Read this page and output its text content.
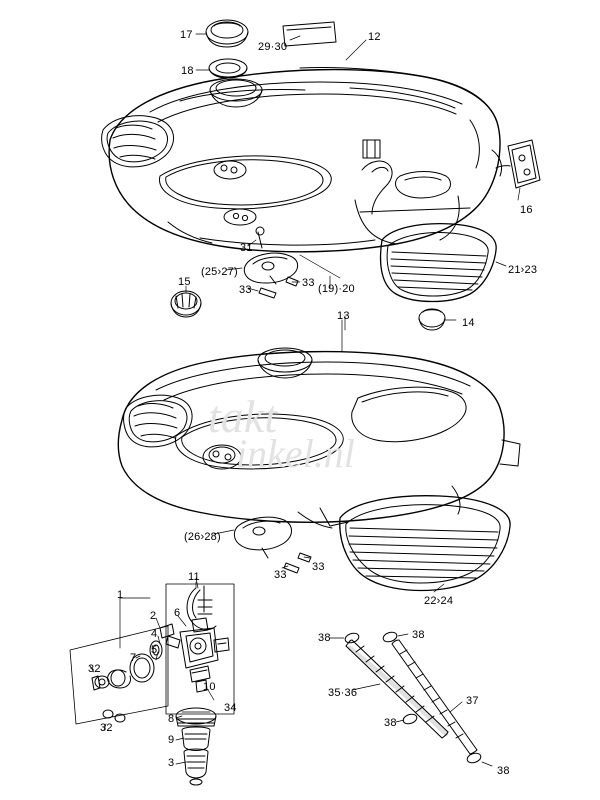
17
29·30
12
18
16
21›23
31
(25›27)
33
33 (19)·20
15
13
14
(26›28)
33
33
22›24
11
1
2 6
4
5
7
32
10
34
8
32
9
3
38	38
35·36
37
38
38
takt
inkel.nl
